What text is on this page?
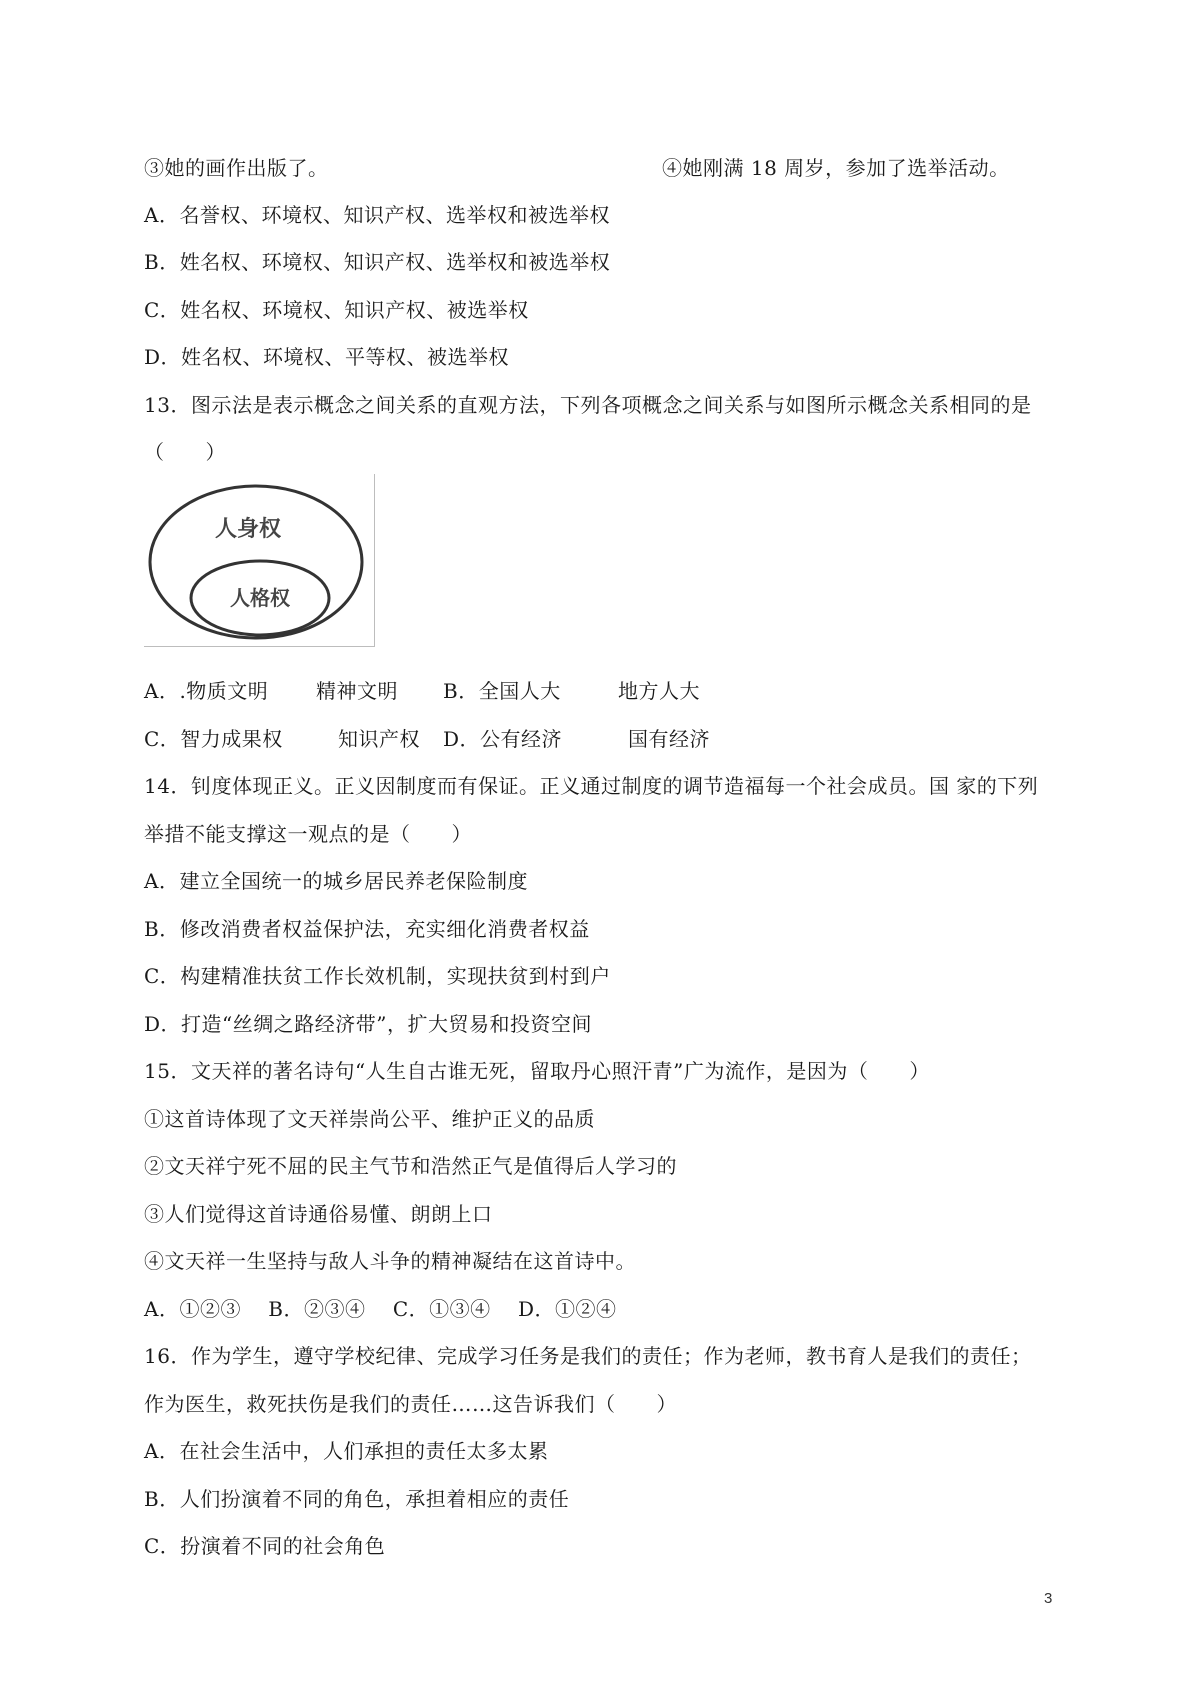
③她的画作出版了。	④她刚满 18 周岁，参加了选举活动。
A．名誉权、环境权、知识产权、选举权和被选举权
B．姓名权、环境权、知识产权、选举权和被选举权
C．姓名权、环境权、知识产权、被选举权
D．姓名权、环境权、平等权、被选举权
13．图示法是表示概念之间关系的直观方法，下列各项概念之间关系与如图所示概念关系相同的是
（　　）
人身权
人格权
A．.物质文明 精神文明 B．全国人大	地方人大
C．智力成果权	知识产权 D．公有经济	国有经济
14．钊度体现正义。正义因制度而有保证。正义通过制度的调节造福每一个社会成员。国 家的下列
举措不能支撑这一观点的是（　　）
A．建立全国统一的城乡居民养老保险制度
B．修改消费者权益保护法，充实细化消费者权益
C．构建精准扶贫工作长效机制，实现扶贫到村到户
D．打造“丝绸之路经济带”，扩大贸易和投资空间
15．文天祥的著名诗句“人生自古谁无死，留取丹心照汗青”广为流作，是因为（　　）
①这首诗体现了文天祥崇尚公平、维护正义的品质
②文天祥宁死不屈的民主气节和浩然正气是值得后人学习的
③人们觉得这首诗通俗易懂、朗朗上口
④文天祥一生坚持与敌人斗争的精神凝结在这首诗中。
A．①②③　 B．②③④　 C．①③④　 D．①②④
16．作为学生，遵守学校纪律、完成学习任务是我们的责任；作为老师，教书育人是我们的责任；
作为医生，救死扶伤是我们的责任……这告诉我们（　　）
A．在社会生活中，人们承担的责任太多太累
B．人们扮演着不同的角色，承担着相应的责任
C．扮演着不同的社会角色
3
